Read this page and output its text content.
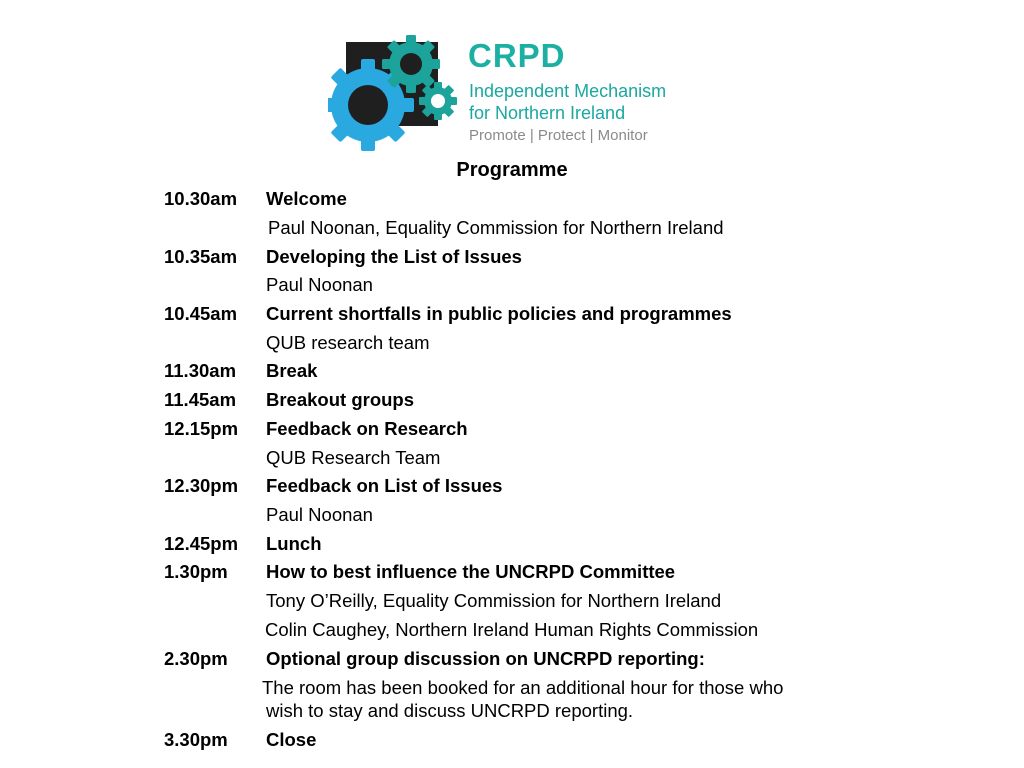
CRPD
Independent Mechanism
for Northern Ireland
Promote | Protect | Monitor
Programme
10.30am Welcome
Paul Noonan, Equality Commission for Northern Ireland
10.35am Developing the List of Issues
Paul Noonan
10.45am Current shortfalls in public policies and programmes
QUB research team
11.30am Break
11.45am Breakout groups
12.15pm Feedback on Research
QUB Research Team
12.30pm Feedback on List of Issues
Paul Noonan
12.45pm Lunch
1.30pm How to best influence the UNCRPD Committee
Tony O’Reilly, Equality Commission for Northern Ireland
Colin Caughey, Northern Ireland Human Rights Commission
2.30pm Optional group discussion on UNCRPD reporting:
The room has been booked for an additional hour for those who
wish to stay and discuss UNCRPD reporting.
3.30pm Close
